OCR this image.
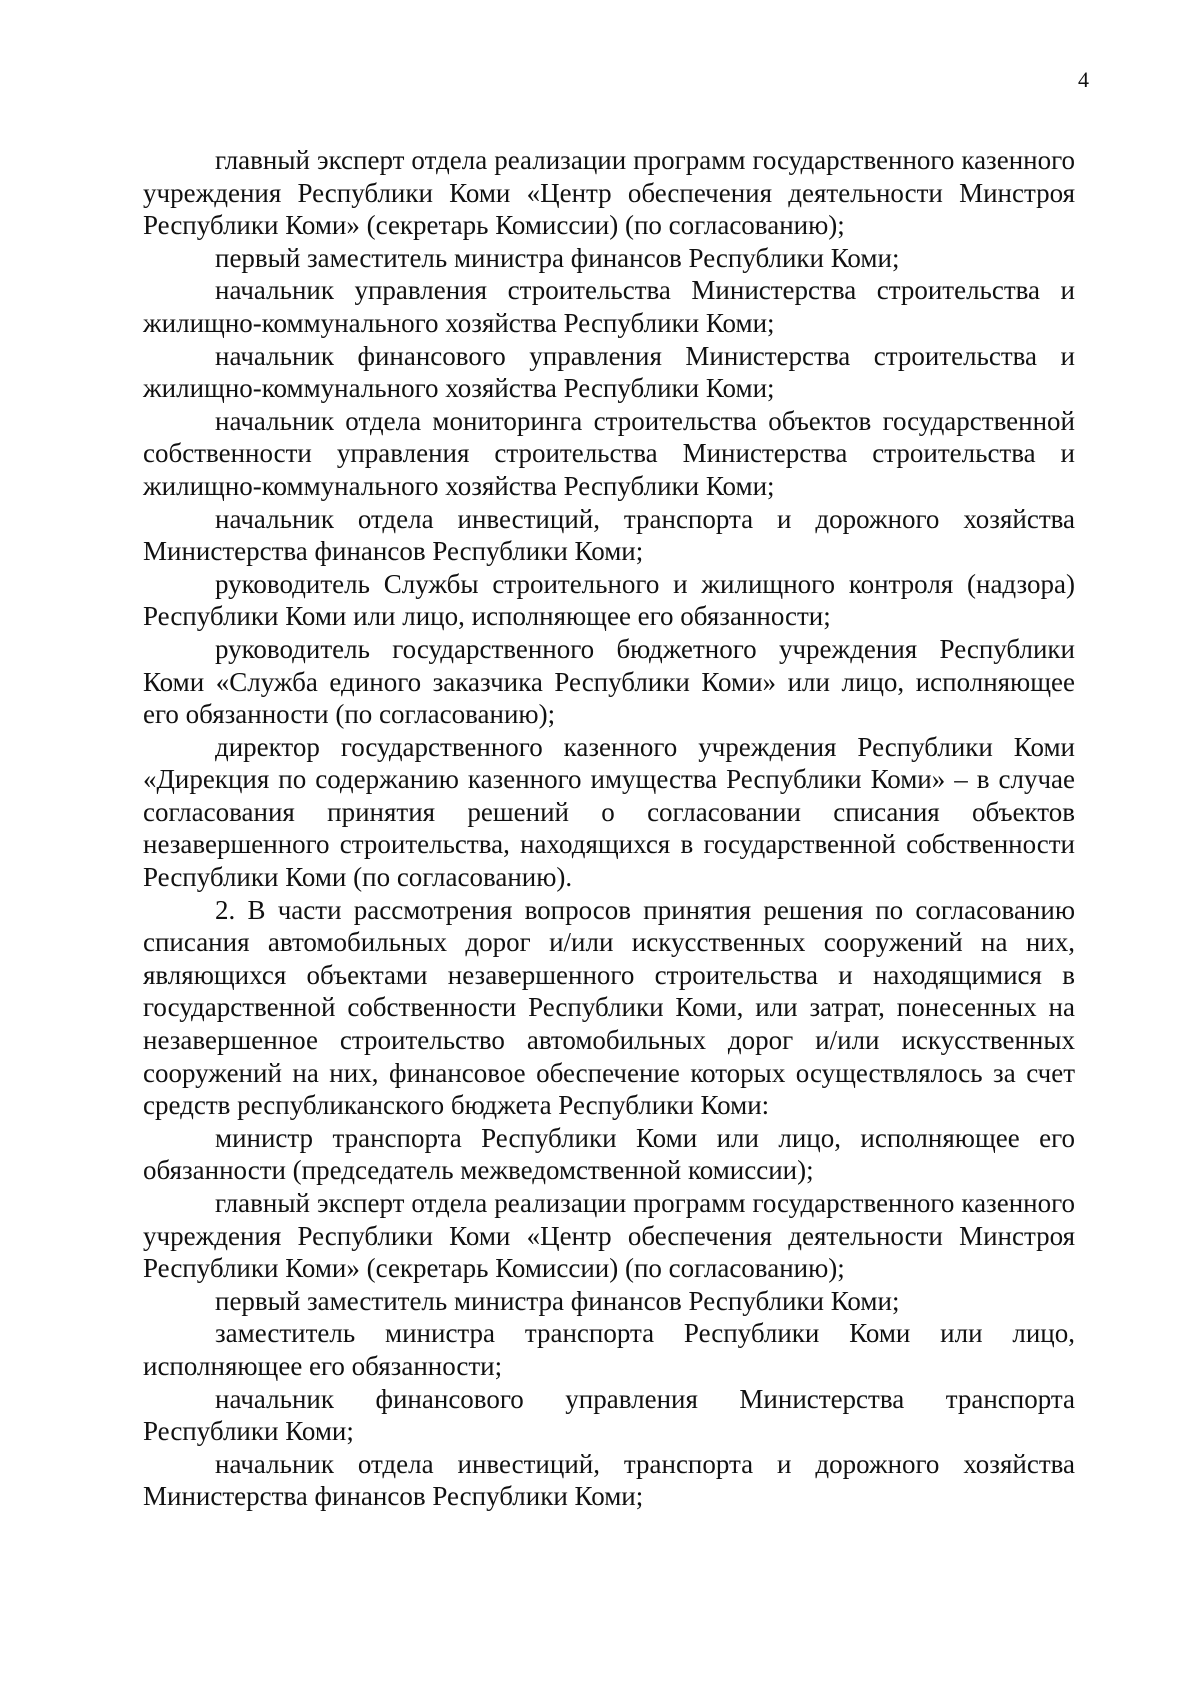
4

главный эксперт отдела реализации программ государственного казенного учреждения Республики Коми «Центр обеспечения деятельности Минстроя Республики Коми» (секретарь Комиссии) (по согласованию);

первый заместитель министра финансов Республики Коми;

начальник управления строительства Министерства строительства и жилищно-коммунального хозяйства Республики Коми;

начальник финансового управления Министерства строительства и жилищно-коммунального хозяйства Республики Коми;

начальник отдела мониторинга строительства объектов государственной собственности управления строительства Министерства строительства и жилищно-коммунального хозяйства Республики Коми;

начальник отдела инвестиций, транспорта и дорожного хозяйства Министерства финансов Республики Коми;

руководитель Службы строительного и жилищного контроля (надзора) Республики Коми или лицо, исполняющее его обязанности;

руководитель государственного бюджетного учреждения Республики Коми «Служба единого заказчика Республики Коми» или лицо, исполняющее его обязанности (по согласованию);

директор государственного казенного учреждения Республики Коми «Дирекция по содержанию казенного имущества Республики Коми» – в случае согласования принятия решений о согласовании списания объектов незавершенного строительства, находящихся в государственной собственности Республики Коми (по согласованию).

2. В части рассмотрения вопросов принятия решения по согласованию списания автомобильных дорог и/или искусственных сооружений на них, являющихся объектами незавершенного строительства и находящимися в государственной собственности Республики Коми, или затрат, понесенных на незавершенное строительство автомобильных дорог и/или искусственных сооружений на них, финансовое обеспечение которых осуществлялось за счет средств республиканского бюджета Республики Коми:

министр транспорта Республики Коми или лицо, исполняющее его обязанности (председатель межведомственной комиссии);

главный эксперт отдела реализации программ государственного казенного учреждения Республики Коми «Центр обеспечения деятельности Минстроя Республики Коми» (секретарь Комиссии) (по согласованию);

первый заместитель министра финансов Республики Коми;

заместитель министра транспорта Республики Коми или лицо, исполняющее его обязанности;

начальник финансового управления Министерства транспорта Республики Коми;

начальник отдела инвестиций, транспорта и дорожного хозяйства Министерства финансов Республики Коми;
